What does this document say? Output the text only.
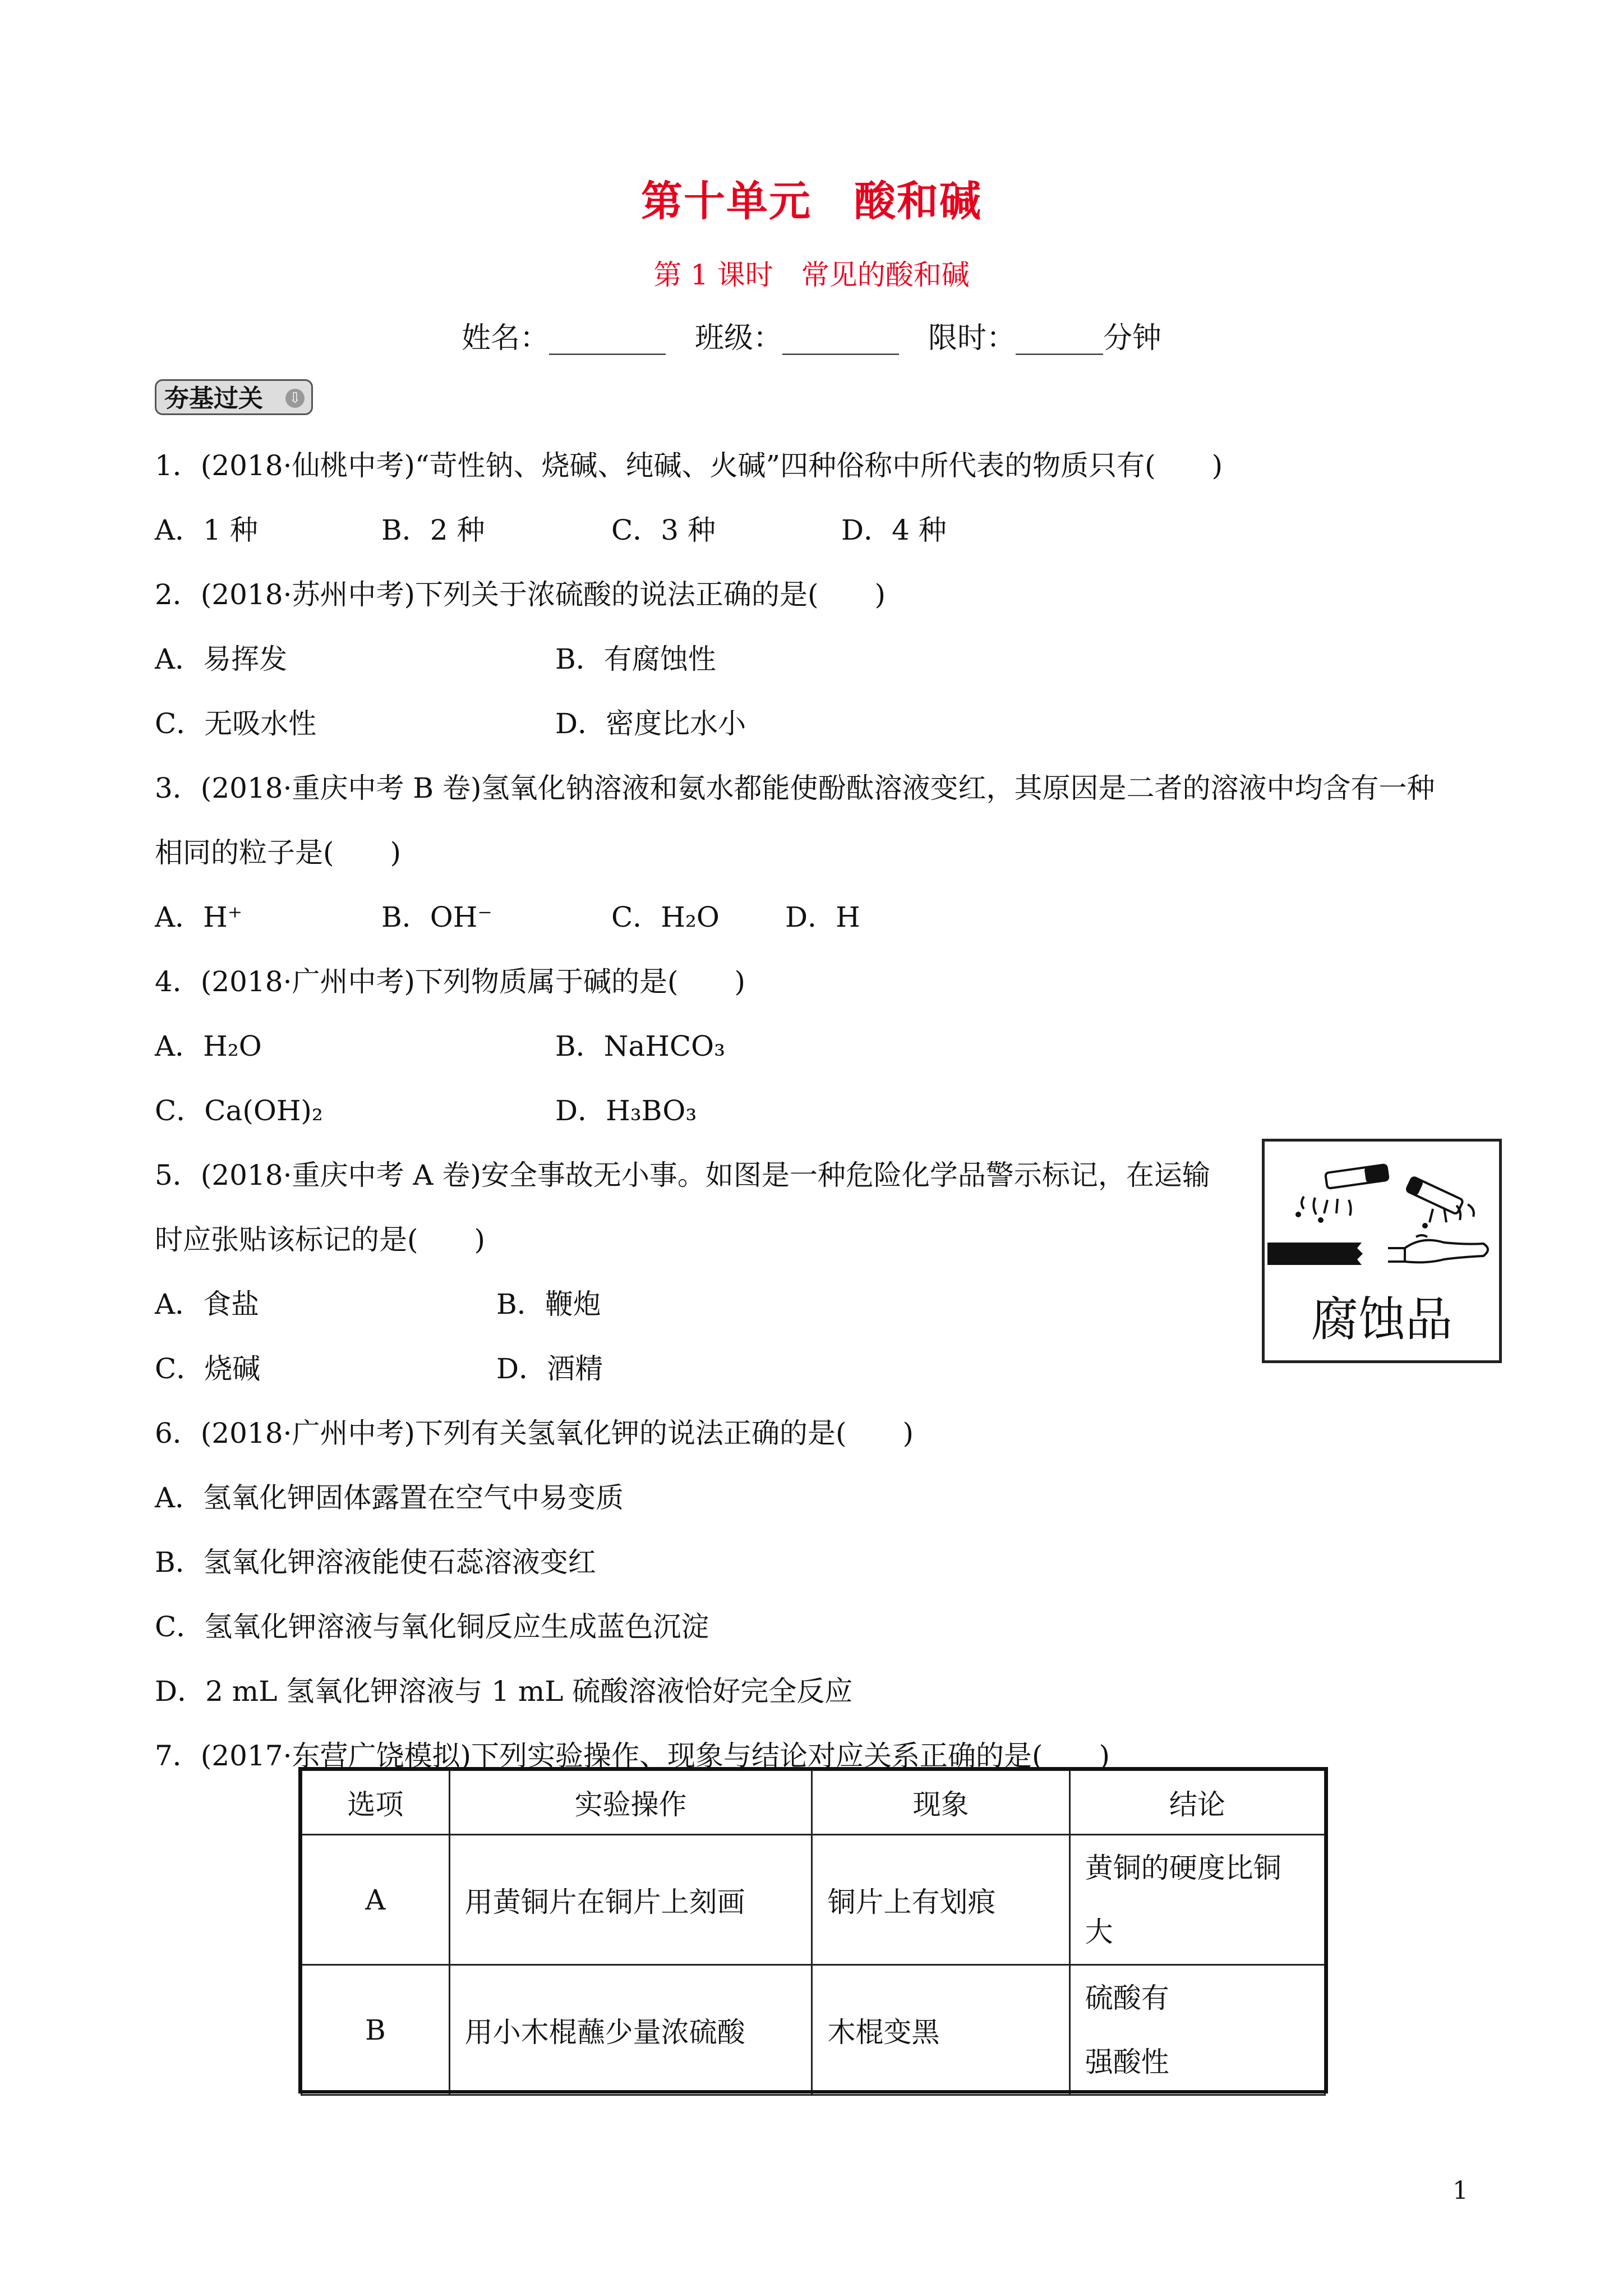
第十单元　酸和碱
第 1 课时　常见的酸和碱
姓名：________　班级：________　限时：______分钟
夯基过关 ⇩
1．(2018·仙桃中考)“苛性钠、烧碱、纯碱、火碱”四种俗称中所代表的物质只有(　　)
A．1 种	B．2 种	C．3 种	D．4 种
2．(2018·苏州中考)下列关于浓硫酸的说法正确的是(　　)
A．易挥发	B．有腐蚀性
C．无吸水性	D．密度比水小
3．(2018·重庆中考 B 卷)氢氧化钠溶液和氨水都能使酚酞溶液变红，其原因是二者的溶液中均含有一种
相同的粒子是(　　)
A．H⁺	B．OH⁻	C．H₂O D．H
4．(2018·广州中考)下列物质属于碱的是(　　)
A．H₂O	B．NaHCO₃
C．Ca(OH)₂	D．H₃BO₃
5．(2018·重庆中考 A 卷)安全事故无小事。如图是一种危险化学品警示标记，在运输
时应张贴该标记的是(　　)
A．食盐	B．鞭炮
C．烧碱	D．酒精
腐蚀品
6．(2018·广州中考)下列有关氢氧化钾的说法正确的是(　　)
A．氢氧化钾固体露置在空气中易变质
B．氢氧化钾溶液能使石蕊溶液变红
C．氢氧化钾溶液与氧化铜反应生成蓝色沉淀
D．2 mL 氢氧化钾溶液与 1 mL 硫酸溶液恰好完全反应
7．(2017·东营广饶模拟)下列实验操作、现象与结论对应关系正确的是(　　)
选项	实验操作	现象	结论
A	用黄铜片在铜片上刻画	铜片上有划痕	黄铜的硬度比铜
大

B	用小木棍蘸少量浓硫酸	木棍变黑	硫酸有
强酸性
1
